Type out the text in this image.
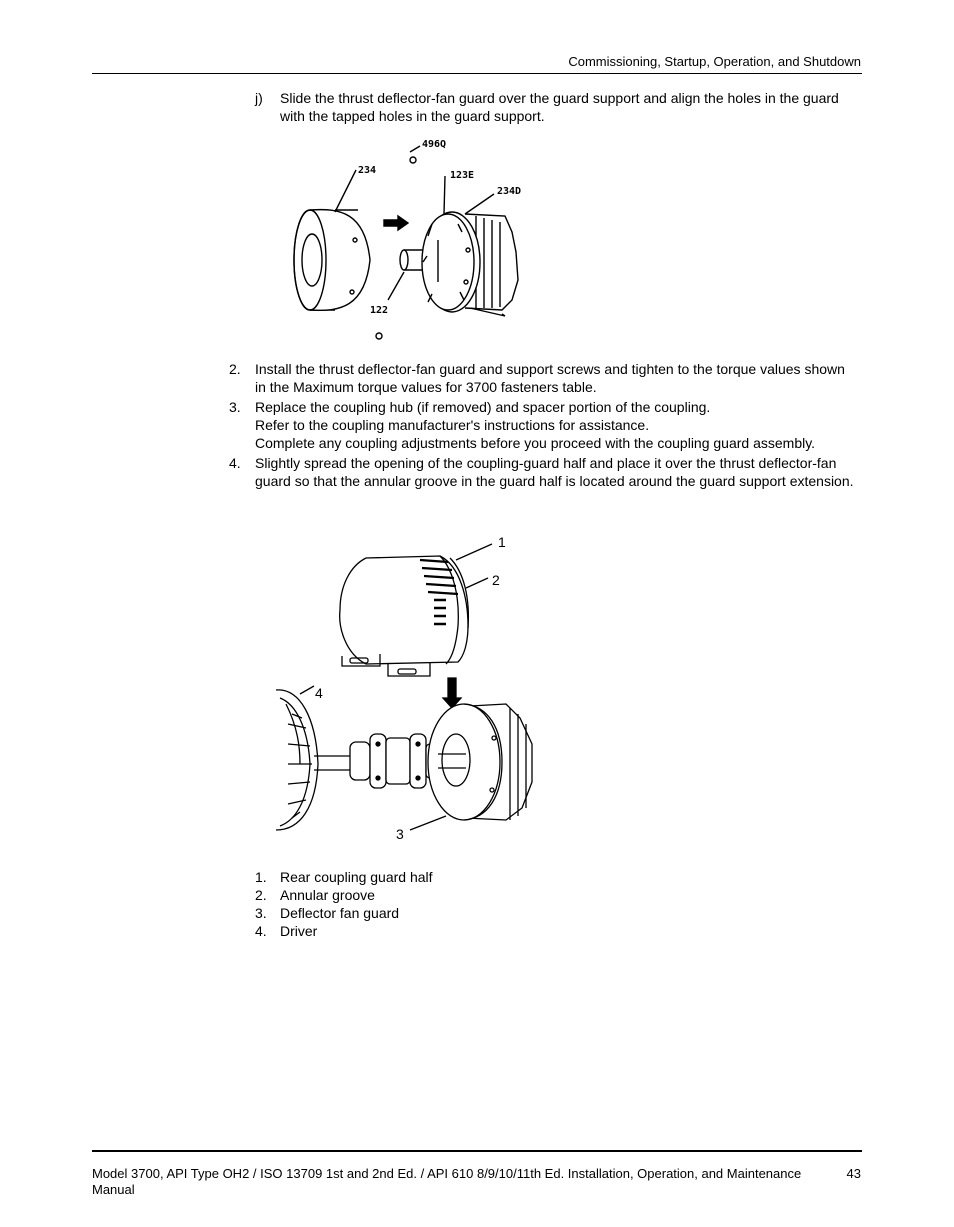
Commissioning, Startup, Operation, and Shutdown
j) Slide the thrust deflector-fan guard over the guard support and align the holes in the guard with the tapped holes in the guard support.
234
496Q
123E
234D
122
2. Install the thrust deflector-fan guard and support screws and tighten to the torque values shown in the Maximum torque values for 3700 fasteners table.
3. Replace the coupling hub (if removed) and spacer portion of the coupling.
Refer to the coupling manufacturer's instructions for assistance.
Complete any coupling adjustments before you proceed with the coupling guard assembly.
4. Slightly spread the opening of the coupling-guard half and place it over the thrust deflector-fan guard so that the annular groove in the guard half is located around the guard support extension.
1
2
4
3
1. Rear coupling guard half
2. Annular groove
3. Deflector fan guard
4. Driver
Model 3700, API Type OH2 / ISO 13709 1st and 2nd Ed. / API 610 8/9/10/11th Ed. Installation, Operation, and Maintenance Manual
43
